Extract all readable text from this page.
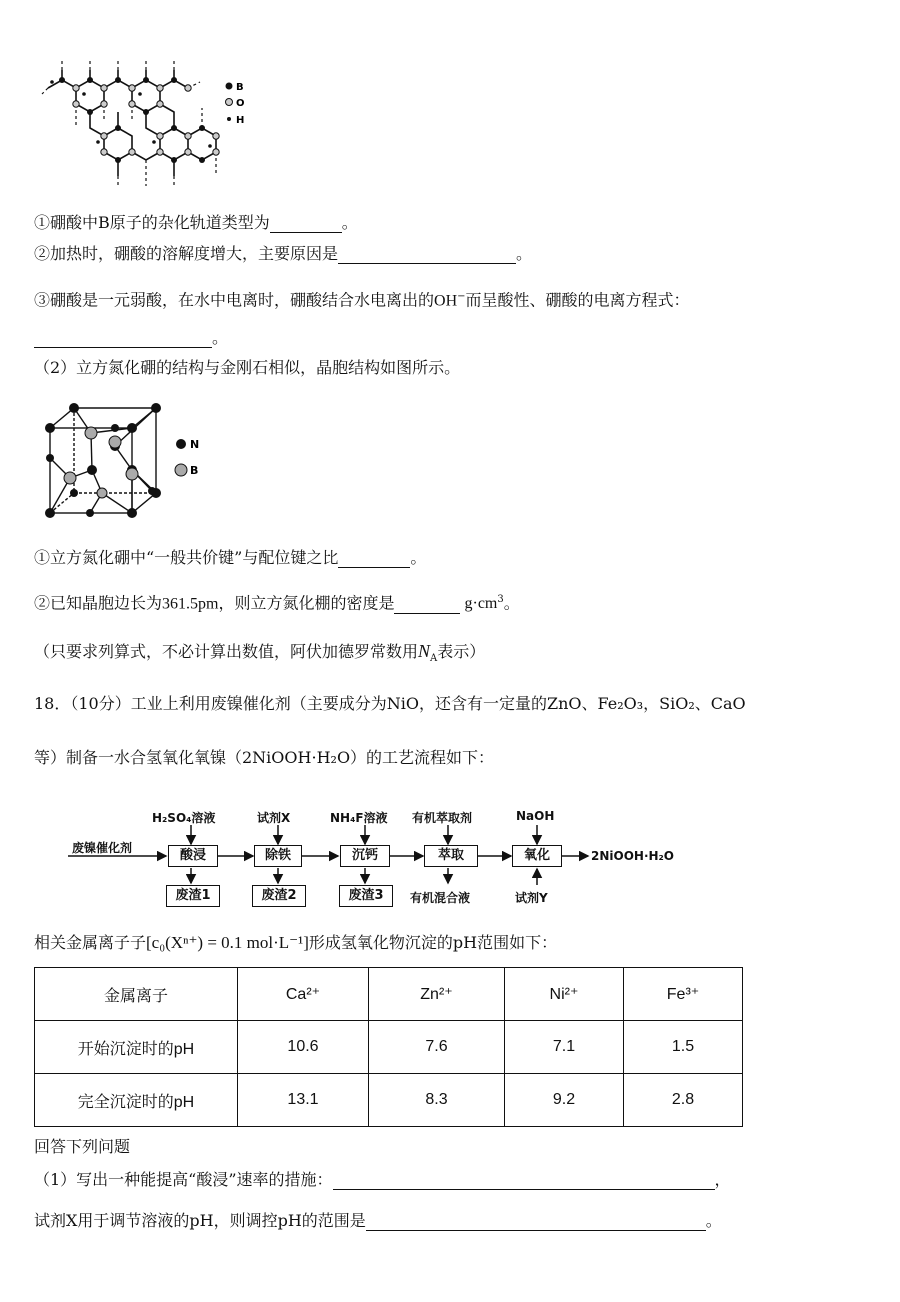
B
O
H
①硼酸中B原子的杂化轨道类型为	。
②加热时，硼酸的溶解度增大，主要原因是	。
③硼酸是一元弱酸，在水中电离时，硼酸结合水电离出的OH−而呈酸性、硼酸的电离方程式：
。
（2）立方氮化硼的结构与金刚石相似，晶胞结构如图所示。
N
B
①立方氮化硼中“一般共价键”与配位键之比	。
②已知晶胞边长为361.5pm，则立方氮化棚的密度是	$g\cdot cm^3$。
（只要求列算式，不必计算出数值，阿伏加德罗常数用$N_A$表示）
18．（10分）工业上利用废镍催化剂（主要成分为NiO，还含有一定量的ZnO、Fe₂O₃，SiO₂、CaO
等）制备一水合氢氧化氧镍（2NiOOH·H₂O）的工艺流程如下：
废镍催化剂	酸浸	除铁	沉钙	萃取	氧化	2NiOOH·H₂O
H₂SO₄溶液	试剂X	NH₄F溶液 有机萃取剂	NaOH
废渣1	废渣2	废渣3	有机混合液	试剂Y
相关金属离子子[c₀(Xⁿ⁺) = 0.1 mol·L⁻¹]形成氢氧化物沉淀的pH范围如下：
金属离子	Ca²⁺	Zn²⁺	Ni²⁺	Fe³⁺
开始沉淀时的pH	10.6	7.6	7.1	1.5
完全沉淀时的pH	13.1	8.3	9.2	2.8
回答下列问题
（1）写出一种能提高“酸浸”速率的措施：	，
试剂X用于调节溶液的pH，则调控pH的范围是	。
